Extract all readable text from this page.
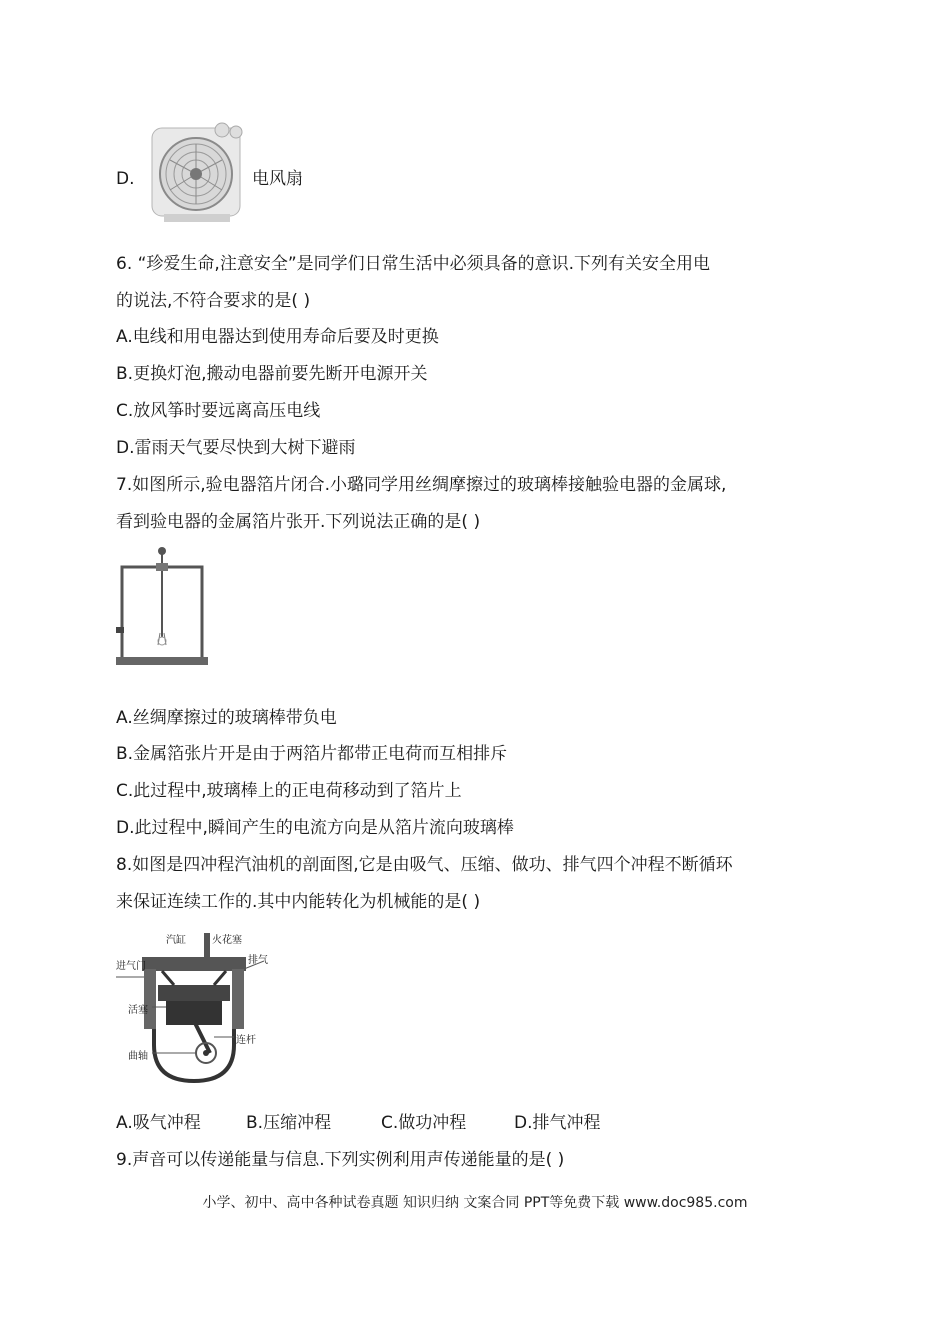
D.	电风扇
6. “珍爱生命,注意安全”是同学们日常生活中必须具备的意识.下列有关安全用电
的说法,不符合要求的是( )
A.电线和用电器达到使用寿命后要及时更换
B.更换灯泡,搬动电器前要先断开电源开关
C.放风筝时要远离高压电线
D.雷雨天气要尽快到大树下避雨
7.如图所示,验电器箔片闭合.小璐同学用丝绸摩擦过的玻璃棒接触验电器的金属球,
看到验电器的金属箔片张开.下列说法正确的是( )
A.丝绸摩擦过的玻璃棒带负电
B.金属箔张片开是由于两箔片都带正电荷而互相排斥
C.此过程中,玻璃棒上的正电荷移动到了箔片上
D.此过程中,瞬间产生的电流方向是从箔片流向玻璃棒
8.如图是四冲程汽油机的剖面图,它是由吸气、压缩、做功、排气四个冲程不断循环
来保证连续工作的.其中内能转化为机械能的是( )
汽缸	火花塞
进气门
排气
活塞
连杆
曲轴
A.吸气冲程	B.压缩冲程	C.做功冲程	D.排气冲程
9.声音可以传递能量与信息.下列实例利用声传递能量的是( )
小学、初中、高中各种试卷真题 知识归纳 文案合同 PPT等免费下载 www.doc985.com
